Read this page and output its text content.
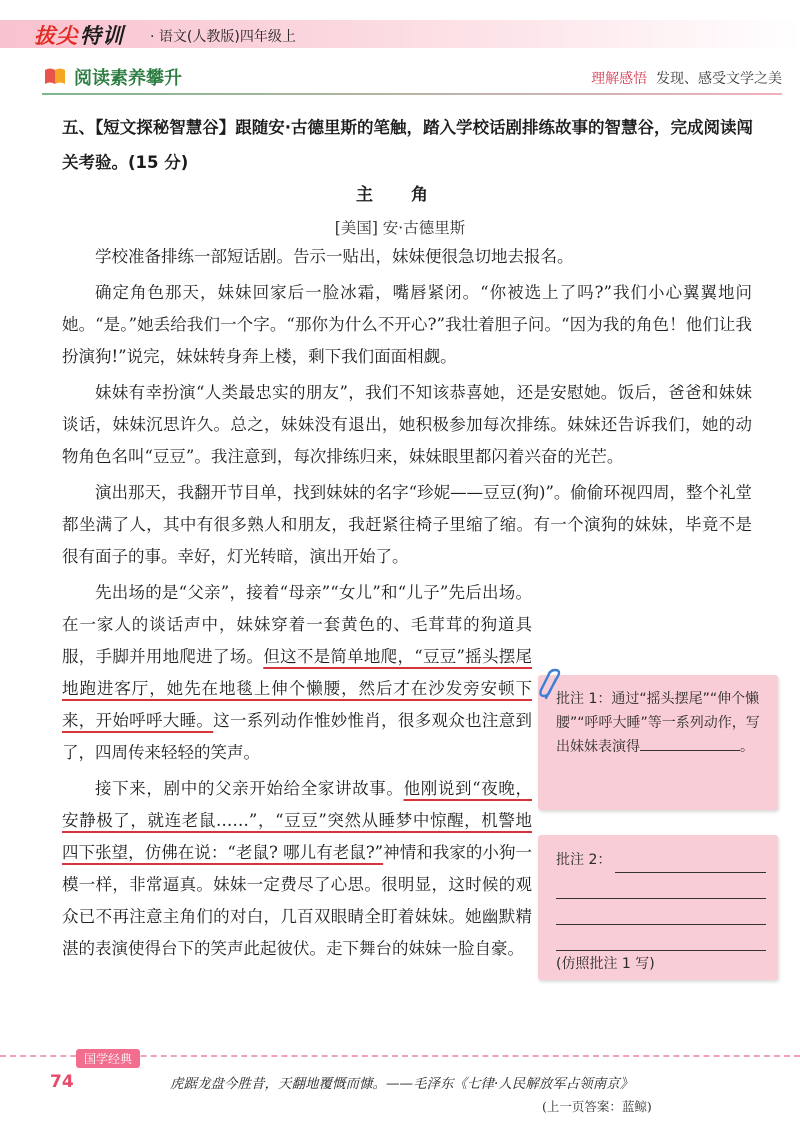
拔尖特训 · 语文(人教版)四年级上
阅读素养攀升	理解感悟 发现、感受文学之美
五、【短文探秘智慧谷】跟随安·古德里斯的笔触，踏入学校话剧排练故事的智慧谷，完成阅读闯关考验。(15 分)
主 角
[美国] 安·古德里斯

学校准备排练一部短话剧。告示一贴出，妹妹便很急切地去报名。

确定角色那天，妹妹回家后一脸冰霜，嘴唇紧闭。“你被选上了吗?”我们小心翼翼地问她。“是。”她丢给我们一个字。“那你为什么不开心?”我壮着胆子问。“因为我的角色！他们让我扮演狗!”说完，妹妹转身奔上楼，剩下我们面面相觑。

妹妹有幸扮演“人类最忠实的朋友”，我们不知该恭喜她，还是安慰她。饭后，爸爸和妹妹谈话，妹妹沉思许久。总之，妹妹没有退出，她积极参加每次排练。妹妹还告诉我们，她的动物角色名叫“豆豆”。我注意到，每次排练归来，妹妹眼里都闪着兴奋的光芒。

演出那天，我翻开节目单，找到妹妹的名字“珍妮——豆豆(狗)”。偷偷环视四周，整个礼堂都坐满了人，其中有很多熟人和朋友，我赶紧往椅子里缩了缩。有一个演狗的妹妹，毕竟不是很有面子的事。幸好，灯光转暗，演出开始了。

先出场的是“父亲”，接着“母亲”“女儿”和“儿子”先后出场。在一家人的谈话声中，妹妹穿着一套黄色的、毛茸茸的狗道具服，手脚并用地爬进了场。但这不是简单地爬，“豆豆”摇头摆尾地跑进客厅，她先在地毯上伸个懒腰，然后才在沙发旁安顿下来，开始呼呼大睡。这一系列动作惟妙惟肖，很多观众也注意到了，四周传来轻轻的笑声。

接下来，剧中的父亲开始给全家讲故事。他刚说到“夜晚，安静极了，就连老鼠……”，“豆豆”突然从睡梦中惊醒，机警地四下张望，仿佛在说：“老鼠? 哪儿有老鼠?”神情和我家的小狗一模一样，非常逼真。妹妹一定费尽了心思。很明显，这时候的观众已不再注意主角们的对白，几百双眼睛全盯着妹妹。她幽默精湛的表演使得台下的笑声此起彼伏。走下舞台的妹妹一脸自豪。

批注 1：通过“摇头摆尾”“伸个懒腰”“呼呼大睡”等一系列动作，写出妹妹表演得	。
批注 2：
(仿照批注 1 写)
国学经典
74	虎踞龙盘今胜昔，天翻地覆慨而慷。——毛泽东《七律·人民解放军占领南京》
(上一页答案：蓝鲸)
